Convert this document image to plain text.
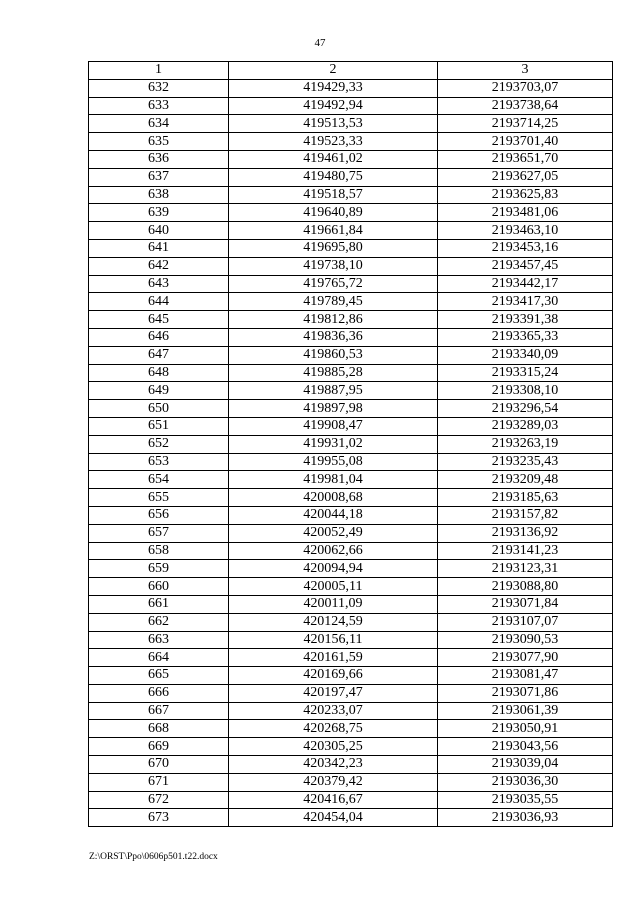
47
1	2	3
632	419429,33	2193703,07
633	419492,94	2193738,64
634	419513,53	2193714,25
635	419523,33	2193701,40
636	419461,02	2193651,70
637	419480,75	2193627,05
638	419518,57	2193625,83
639	419640,89	2193481,06
640	419661,84	2193463,10
641	419695,80	2193453,16
642	419738,10	2193457,45
643	419765,72	2193442,17
644	419789,45	2193417,30
645	419812,86	2193391,38
646	419836,36	2193365,33
647	419860,53	2193340,09
648	419885,28	2193315,24
649	419887,95	2193308,10
650	419897,98	2193296,54
651	419908,47	2193289,03
652	419931,02	2193263,19
653	419955,08	2193235,43
654	419981,04	2193209,48
655	420008,68	2193185,63
656	420044,18	2193157,82
657	420052,49	2193136,92
658	420062,66	2193141,23
659	420094,94	2193123,31
660	420005,11	2193088,80
661	420011,09	2193071,84
662	420124,59	2193107,07
663	420156,11	2193090,53
664	420161,59	2193077,90
665	420169,66	2193081,47
666	420197,47	2193071,86
667	420233,07	2193061,39
668	420268,75	2193050,91
669	420305,25	2193043,56
670	420342,23	2193039,04
671	420379,42	2193036,30
672	420416,67	2193035,55
673	420454,04	2193036,93
Z:\ORST\Ppo\0606p501.t22.docx
